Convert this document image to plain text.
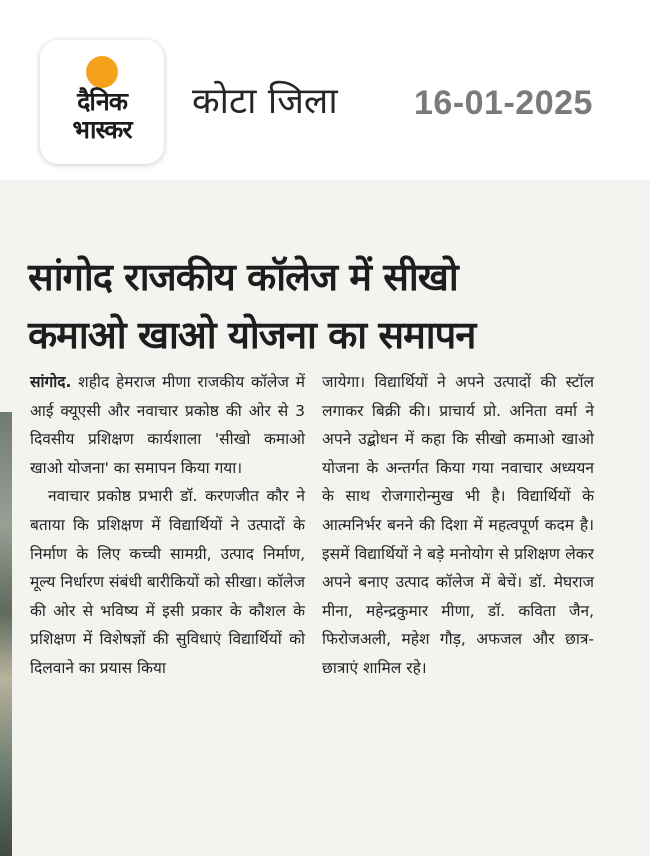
दैनिक
भास्कर
कोटा जिला 16-01-2025
सांगोद राजकीय कॉलेज में सीखो
कमाओ खाओ योजना का समापन

सांगोद. शहीद हेमराज मीणा राजकीय कॉलेज में आई क्यूएसी और नवाचार प्रकोष्ठ की ओर से 3 दिवसीय प्रशिक्षण कार्यशाला 'सीखो कमाओ खाओ योजना' का समापन किया गया।

नवाचार प्रकोष्ठ प्रभारी डॉ. करणजीत कौर ने बताया कि प्रशिक्षण में विद्यार्थियों ने उत्पादों के निर्माण के लिए कच्ची सामग्री, उत्पाद निर्माण, मूल्य निर्धारण संबंधी बारीकियों को सीखा। कॉलेज की ओर से भविष्य में इसी प्रकार के कौशल के प्रशिक्षण में विशेषज्ञों की सुविधाएं विद्यार्थियों को दिलवाने का प्रयास किया

जायेगा। विद्यार्थियों ने अपने उत्पादों की स्टॉल लगाकर बिक्री की। प्राचार्य प्रो. अनिता वर्मा ने अपने उद्बोधन में कहा कि सीखो कमाओ खाओ योजना के अन्तर्गत किया गया नवाचार अध्ययन के साथ रोजगारोन्मुख भी है। विद्यार्थियों के आत्मनिर्भर बनने की दिशा में महत्वपूर्ण कदम है। इसमें विद्यार्थियों ने बड़े मनोयोग से प्रशिक्षण लेकर अपने बनाए उत्पाद कॉलेज में बेचें। डॉ. मेघराज मीना, महेन्द्रकुमार मीणा, डॉ. कविता जैन, फिरोजअली, महेश गौड़, अफजल और छात्र-छात्राएं शामिल रहे।
